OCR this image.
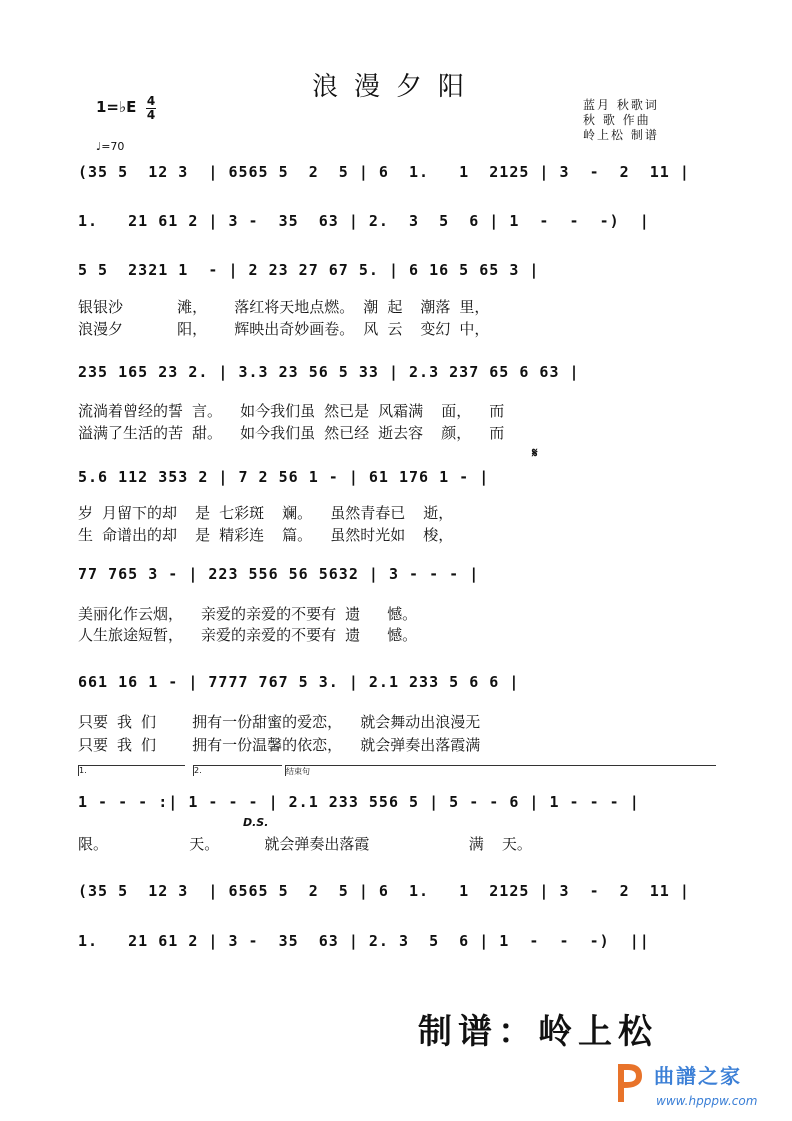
浪漫夕阳
1=♭E 4
4
♩=70
蓝月 秋歌词
秋 歌 作曲
岭上松 制谱
(35 5  12 3  | 6565 5  2  5 | 6  1.   1  2125 | 3  -  2  11 |
1.   21 61 2 | 3 -  35  63 | 2.  3  5  6 | 1  -  -  -)  |
5 5  2321 1  - | 2 23 27 67 5. | 6 16 5 65 3 |
银银沙      滩，   落红将天地点燃。 潮 起  潮落 里，
浪漫夕      阳，   辉映出奇妙画卷。 风 云  变幻 中，
235 165 23 2. | 3.3 23 56 5 33 | 2.3 237 65 6 63 |
流淌着曾经的誓 言。  如今我们虽 然已是 风霜满  面，  而
溢满了生活的苦 甜。  如今我们虽 然已经 逝去容  颜，  而
𝄋
5.6 112 353 2 | 7 2 56 1 - | 61 176 1 - |
岁 月留下的却  是 七彩斑  斓。  虽然青春已  逝，
生 命谱出的却  是 精彩连  篇。  虽然时光如  梭，
77 765 3 - | 223 556 56 5632 | 3 - - - |
美丽化作云烟，  亲爱的亲爱的不要有 遗   憾。
人生旅途短暂，  亲爱的亲爱的不要有 遗   憾。
661 16 1 - | 7777 767 5 3. | 2.1 233 5 6 6 |
只要 我 们    拥有一份甜蜜的爱恋，  就会舞动出浪漫无
只要 我 们    拥有一份温馨的依恋，  就会弹奏出落霞满
1.	2.	结束句
1 - - - :| 1 - - - | 2.1 233 556 5 | 5 - - 6 | 1 - - - |
D.S.
限。         天。     就会弹奏出落霞           满  天。
(35 5  12 3  | 6565 5  2  5 | 6  1.   1  2125 | 3  -  2  11 |
1.   21 61 2 | 3 -  35  63 | 2. 3  5  6 | 1  -  -  -)  ||
制谱：岭上松
曲譜之家
www.hpppw.com
